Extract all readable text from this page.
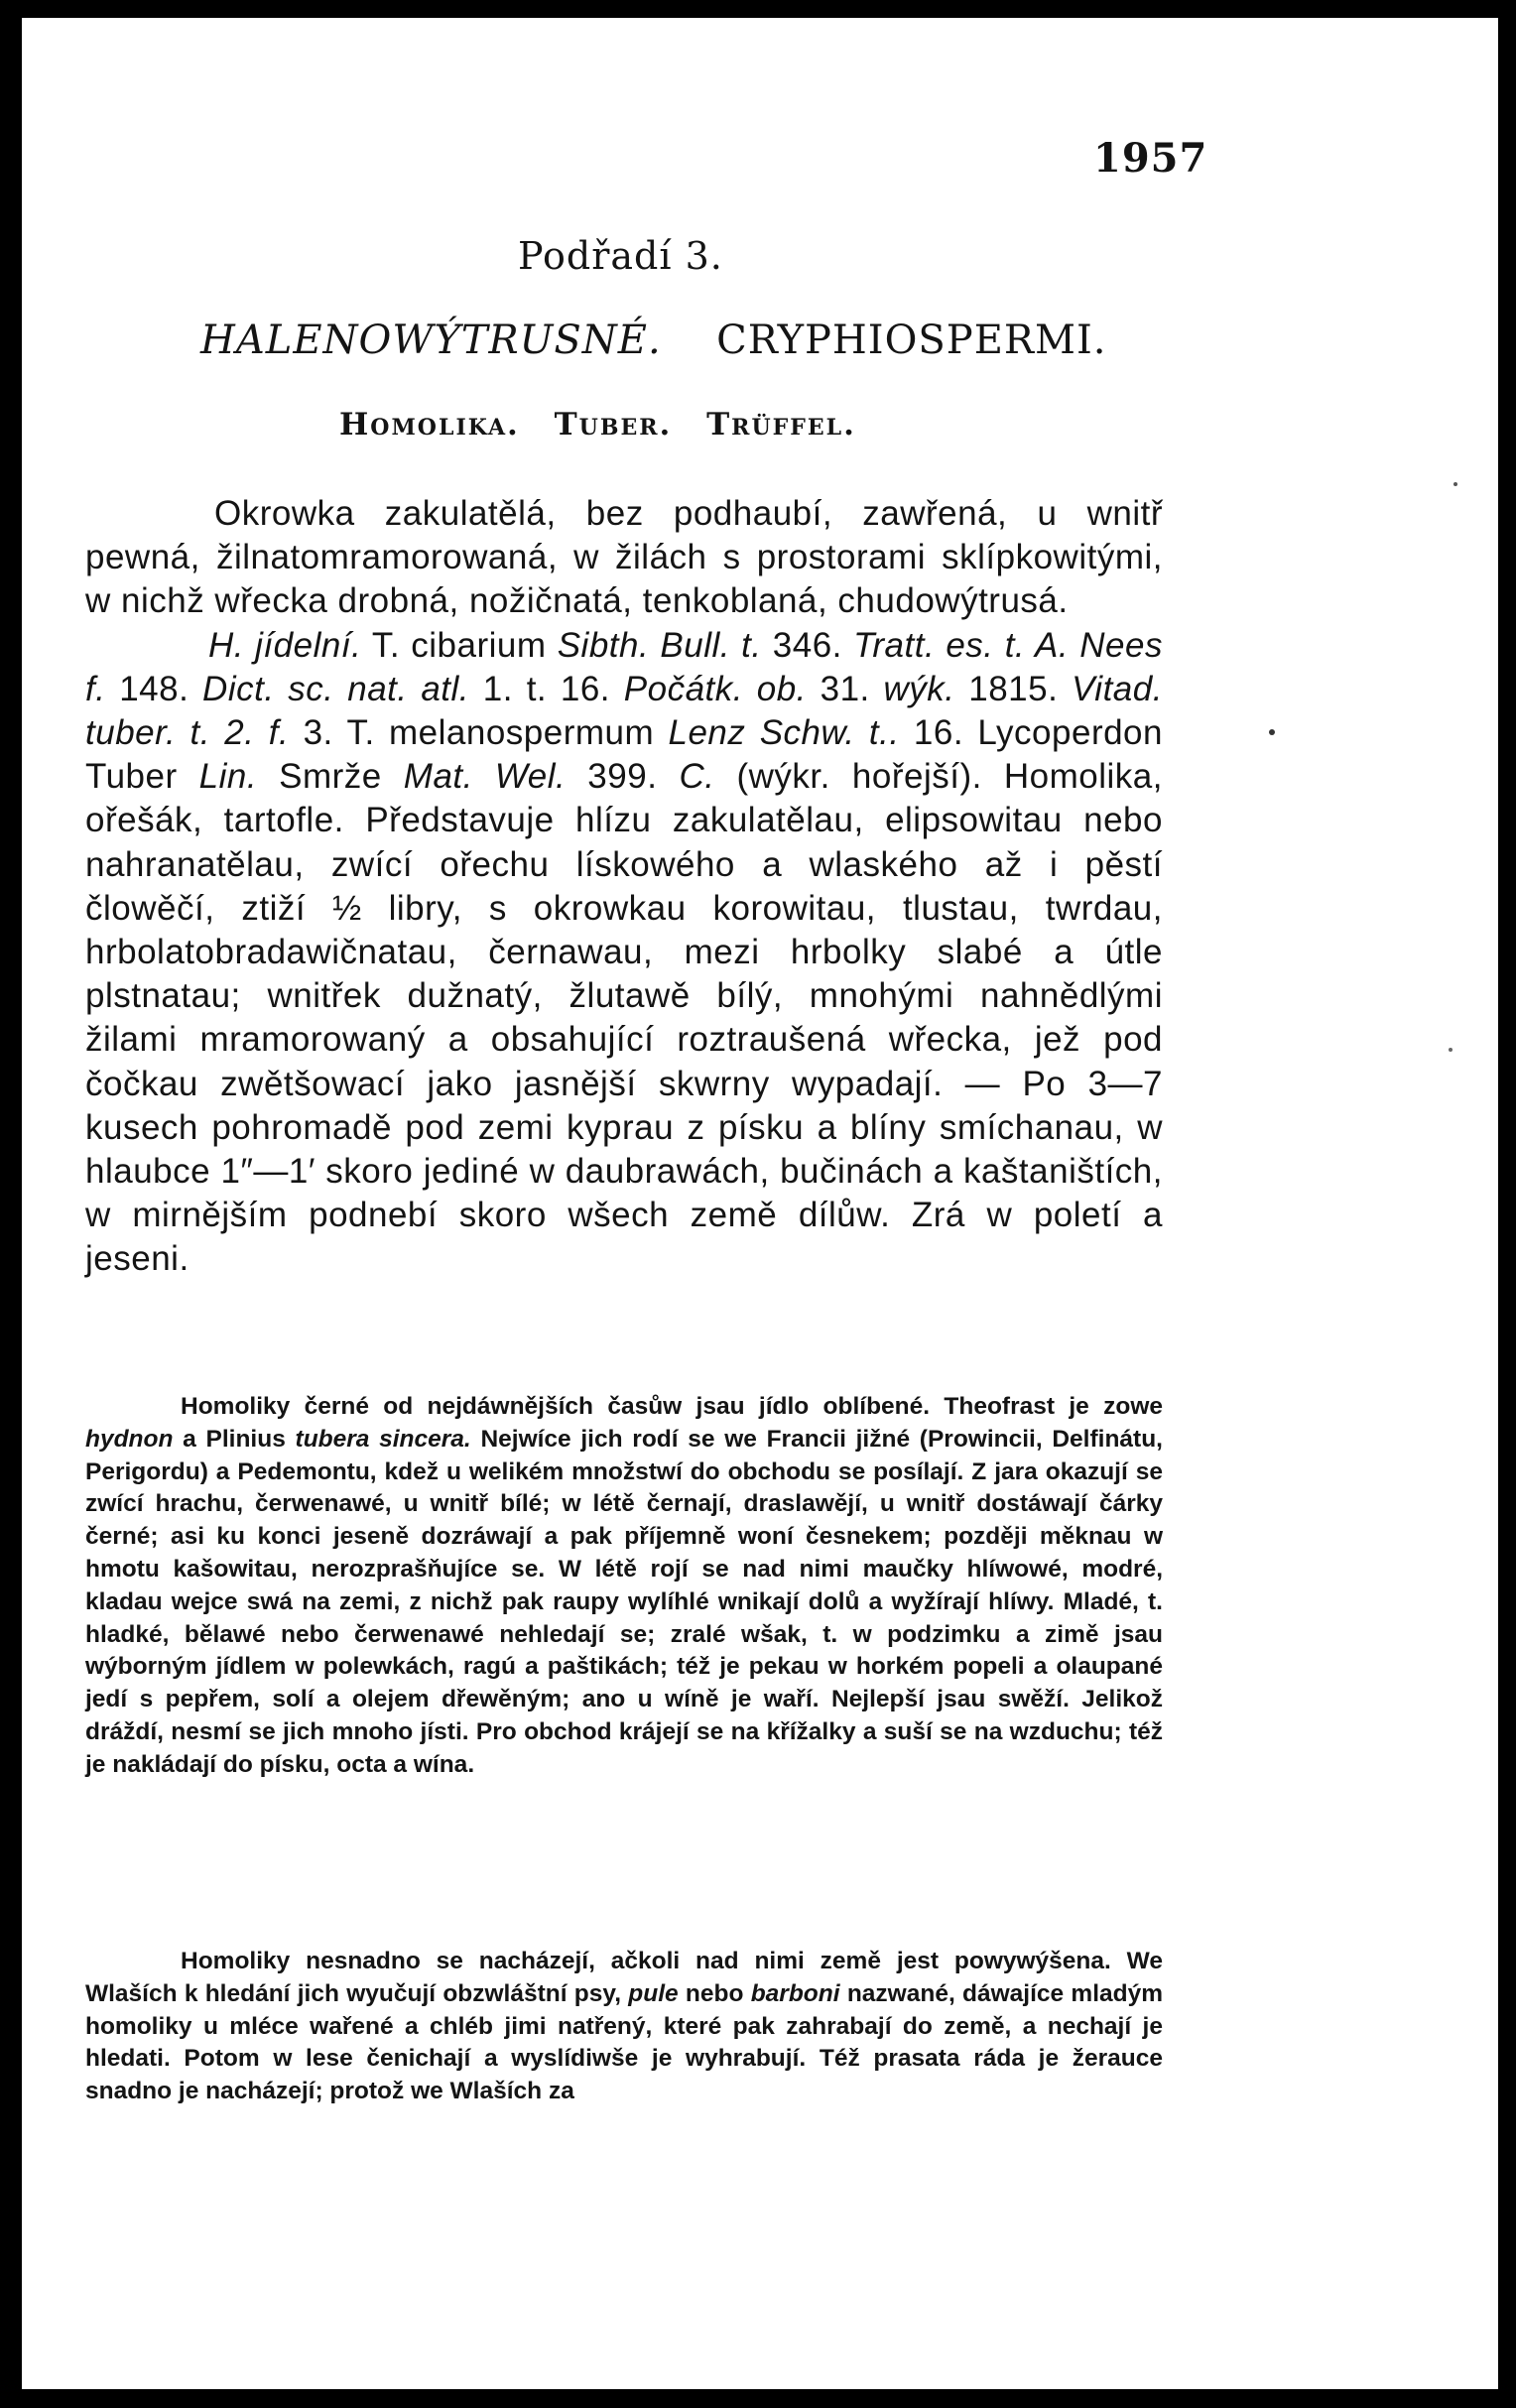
1957
Podřadí 3.
HALENOWÝTRUSNÉ. CRYPHIOSPERMI.
Homolika. Tuber. Trüffel.

Okrowka zakulatělá, bez podhaubí, zawřená, u wnitř pewná, žilnatomramorowaná, w žilách s prostorami sklípkowitými, w nichž wřecka drobná, nožičnatá, tenkoblaná, chudowýtrusá.

H. jídelní. T. cibarium Sibth. Bull. t. 346. Tratt. es. t. A. Nees f. 148. Dict. sc. nat. atl. 1. t. 16. Počátk. ob. 31. wýk. 1815. Vitad. tuber. t. 2. f. 3. T. melanospermum Lenz Schw. t.. 16. Lycoperdon Tuber Lin. Smrže Mat. Wel. 399. C. (wýkr. hořejší). Homolika, ořešák, tartofle. Představuje hlízu zakulatělau, elipsowitau nebo nahranatělau, zwící ořechu lískowého a wlaského až i pěstí člowěčí, ztiží ½ libry, s okrowkau korowitau, tlustau, twrdau, hrbolatobradawičnatau, černawau, mezi hrbolky slabé a útle plstnatau; wnitřek dužnatý, žlutawě bílý, mnohými nahnědlými žilami mramorowaný a obsahující roztraušená wřecka, jež pod čočkau zwětšowací jako jasnější skwrny wypadají. — Po 3—7 kusech pohromadě pod zemi kyprau z písku a blíny smíchanau, w hlaubce 1″—1′ skoro jediné w daubrawách, bučinách a kaštaništích, w mirnějším podnebí skoro wšech země dílůw. Zrá w poletí a jeseni.

Homoliky černé od nejdáwnějších časůw jsau jídlo oblíbené. Theofrast je zowe hydnon a Plinius tubera sincera. Nejwíce jich rodí se we Francii jižné (Prowincii, Delfinátu, Perigordu) a Pedemontu, kdež u welikém množstwí do obchodu se posílají. Z jara okazují se zwící hrachu, čerwenawé, u wnitř bílé; w létě černají, draslawějí, u wnitř dostáwají čárky černé; asi ku konci jeseně dozráwají a pak příjemně woní česnekem; později měknau w hmotu kašowitau, nerozprašňujíce se. W létě rojí se nad nimi maučky hlíwowé, modré, kladau wejce swá na zemi, z nichž pak raupy wylíhlé wnikají dolů a wyžírají hlíwy. Mladé, t. hladké, bělawé nebo čerwenawé nehledají se; zralé wšak, t. w podzimku a zimě jsau wýborným jídlem w polewkách, ragú a paštikách; též je pekau w horkém popeli a olaupané jedí s pepřem, solí a olejem dřewěným; ano u wíně je waří. Nejlepší jsau swěží. Jelikož dráždí, nesmí se jich mnoho jísti. Pro obchod krájejí se na křížalky a suší se na wzduchu; též je nakládají do písku, octa a wína.
Homoliky nesnadno se nacházejí, ačkoli nad nimi země jest powywýšena. We Wlaších k hledání jich wyučují obzwláštní psy, pule nebo barboni nazwané, dáwajíce mladým homoliky u mléce wařené a chléb jimi natřený, které pak zahrabají do země, a nechají je hledati. Potom w lese čenichají a wyslídiwše je wyhrabují. Též prasata ráda je žerauce snadno je nacházejí; protož we Wlaších za
